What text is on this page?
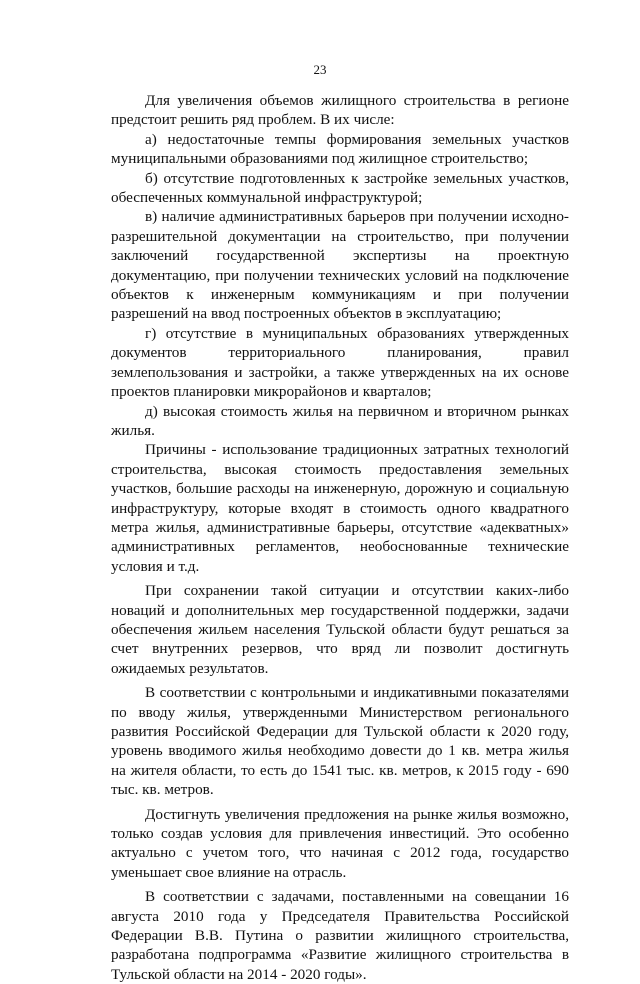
23

Для увеличения объемов жилищного строительства в регионе предстоит решить ряд проблем. В их числе:

а) недостаточные темпы формирования земельных участков муниципальными образованиями под жилищное строительство;

б) отсутствие подготовленных к застройке земельных участков, обеспеченных коммунальной инфраструктурой;

в) наличие административных барьеров при получении исходно-разрешительной документации на строительство, при получении заключений государственной экспертизы на проектную документацию, при получении технических условий на подключение объектов к инженерным коммуникациям и при получении разрешений на ввод построенных объектов в эксплуатацию;

г) отсутствие в муниципальных образованиях утвержденных документов территориального планирования, правил землепользования и застройки, а также утвержденных на их основе проектов планировки микрорайонов и кварталов;

д) высокая стоимость жилья на первичном и вторичном рынках жилья.

Причины - использование традиционных затратных технологий строительства, высокая стоимость предоставления земельных участков, большие расходы на инженерную, дорожную и социальную инфраструктуру, которые входят в стоимость одного квадратного метра жилья, административные барьеры, отсутствие «адекватных» административных регламентов, необоснованные технические условия и т.д.

При сохранении такой ситуации и отсутствии каких-либо новаций и дополнительных мер государственной поддержки, задачи обеспечения жильем населения Тульской области будут решаться за счет внутренних резервов, что вряд ли позволит достигнуть ожидаемых результатов.

В соответствии с контрольными и индикативными показателями по вводу жилья, утвержденными Министерством регионального развития Российской Федерации для Тульской области к 2020 году, уровень вводимого жилья необходимо довести до 1 кв. метра жилья на жителя области, то есть до 1541 тыс. кв. метров, к 2015 году - 690 тыс. кв. метров.

Достигнуть увеличения предложения на рынке жилья возможно, только создав условия для привлечения инвестиций. Это особенно актуально с учетом того, что начиная с 2012 года, государство уменьшает свое влияние на отрасль.

В соответствии с задачами, поставленными на совещании 16 августа 2010 года у Председателя Правительства Российской Федерации В.В. Путина о развитии жилищного строительства, разработана подпрограмма «Развитие жилищного строительства в Тульской области на 2014 - 2020 годы».
